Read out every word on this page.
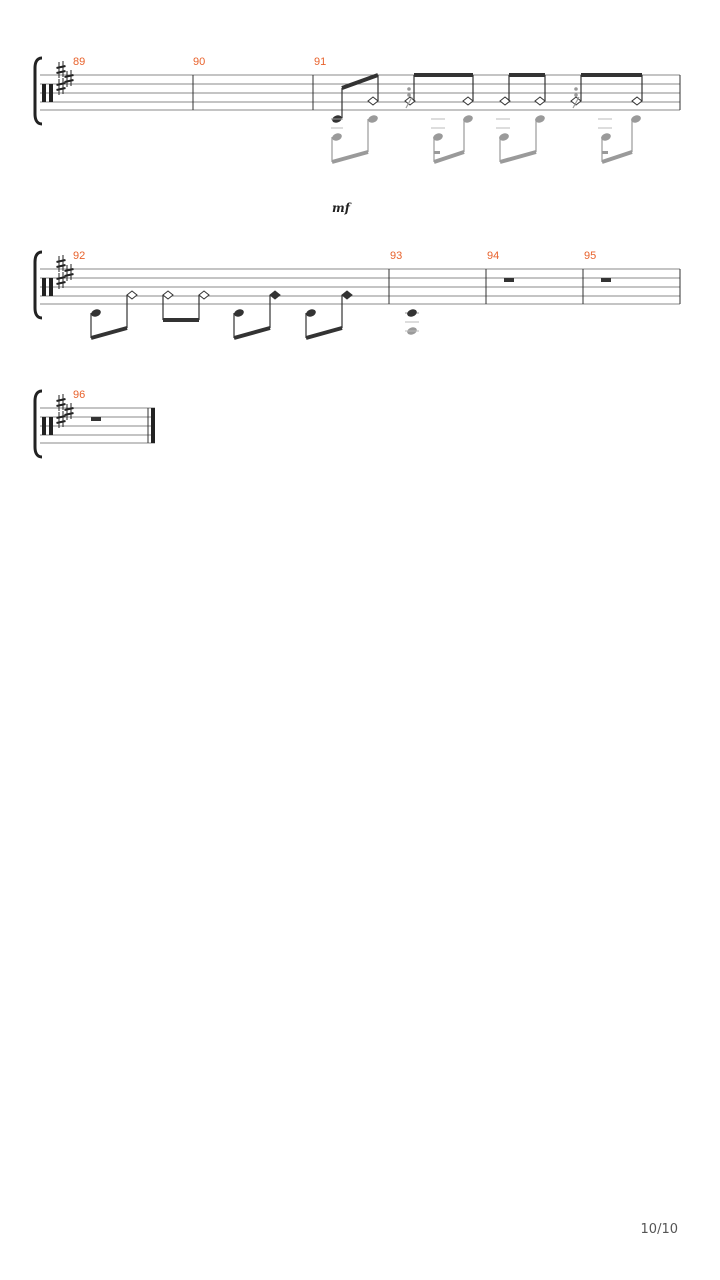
89	90	91
mf
92	93	94	95
96
10/10
